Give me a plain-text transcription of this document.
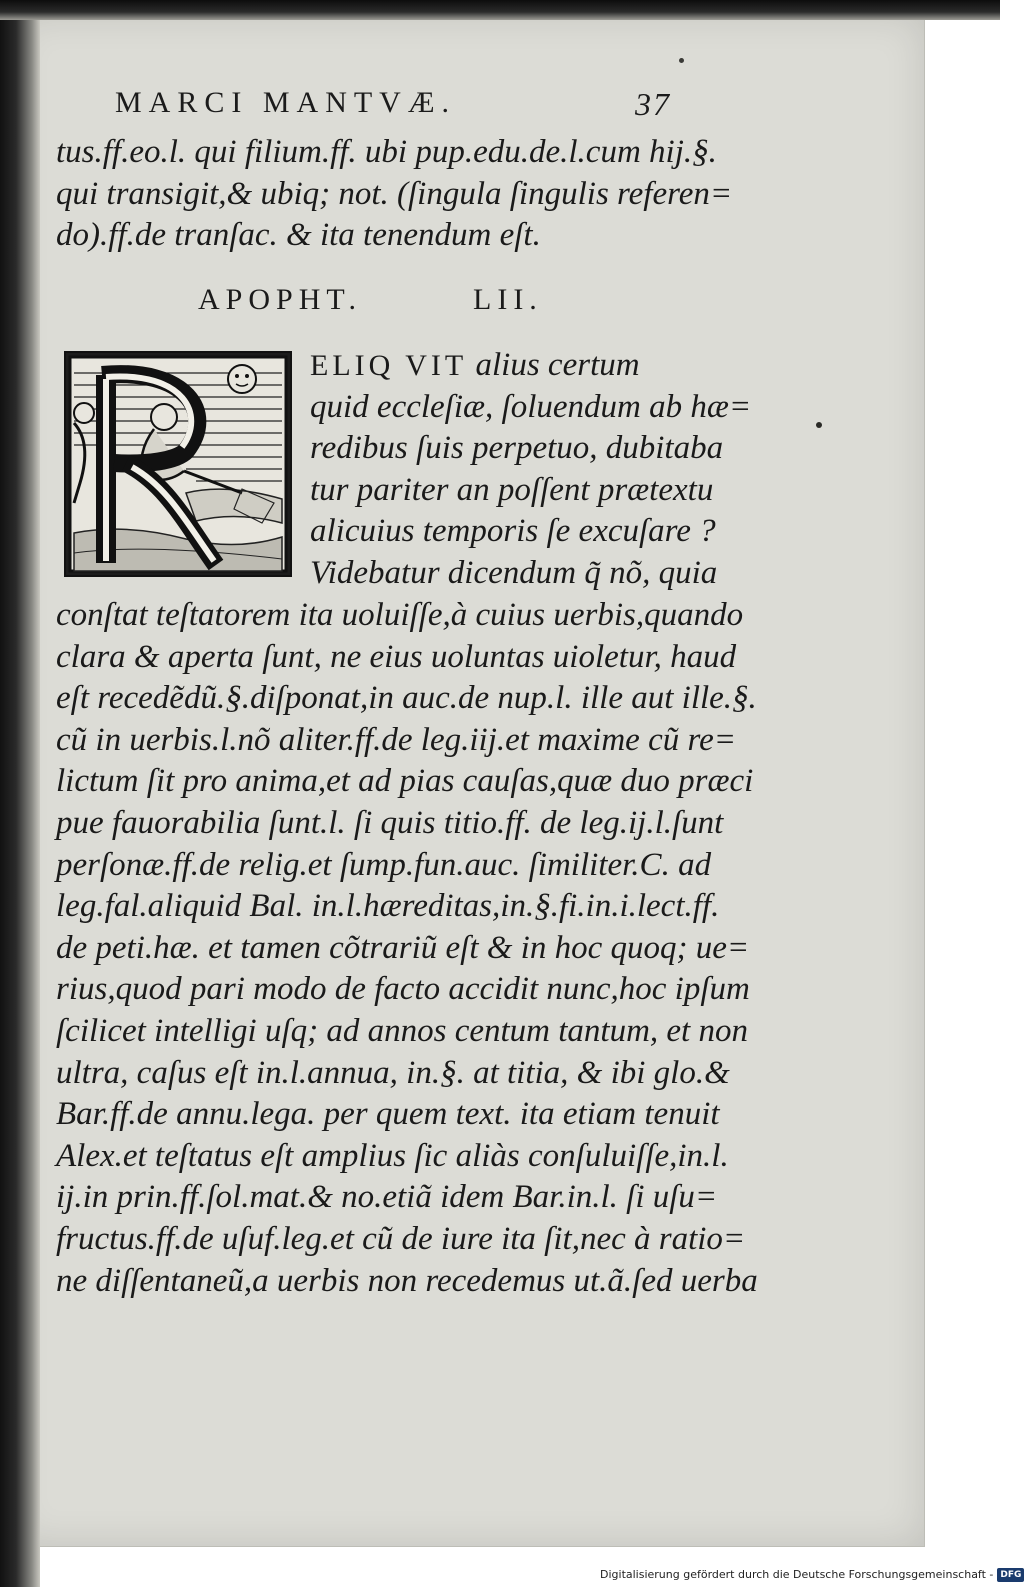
MARCI MANTVÆ.	37
tus.ff.eo.l. qui filium.ff. ubi pup.edu.de.l.cum hij.§.
qui transigit,& ubiq; not. (ſingula ſingulis referen=
do).ff.de tranſac. & ita tenendum eſt.
APOPHT.	LII.
ELIQ VIT alius certum
quid eccleſiæ, ſoluendum ab hæ=
redibus ſuis perpetuo, dubitaba
tur pariter an poſſent prætextu
alicuius temporis ſe excuſare ?
Videbatur dicendum q̃ nõ, quia
conſtat teſtatorem ita uoluiſſe,à cuius uerbis,quando
clara & aperta ſunt, ne eius uoluntas uioletur, haud
eſt recedẽdũ.§.diſponat,in auc.de nup.l. ille aut ille.§.
cũ in uerbis.l.nõ aliter.ff.de leg.iij.et maxime cũ re=
lictum ſit pro anima,et ad pias cauſas,quæ duo præci
pue fauorabilia ſunt.l. ſi quis titio.ff. de leg.ij.l.ſunt
perſonæ.ff.de relig.et ſump.fun.auc. ſimiliter.C. ad
leg.fal.aliquid Bal. in.l.hæreditas,in.§.fi.in.i.lect.ff.
de peti.hæ. et tamen cõtrariũ eſt & in hoc quoq; ue=
rius,quod pari modo de facto accidit nunc,hoc ipſum
ſcilicet intelligi uſq; ad annos centum tantum, et non
ultra, caſus eſt in.l.annua, in.§. at titia, & ibi glo.&
Bar.ff.de annu.lega. per quem text. ita etiam tenuit
Alex.et teſtatus eſt amplius ſic aliàs conſuluiſſe,in.l.
ij.in prin.ff.ſol.mat.& no.etiã idem Bar.in.l. ſi uſu=
fructus.ff.de uſuf.leg.et cũ de iure ita ſit,nec à ratio=
ne diſſentaneũ,a uerbis non recedemus ut.ã.ſed uerba
Digitalisierung gefördert durch die Deutsche Forschungsgemeinschaft - DFG
